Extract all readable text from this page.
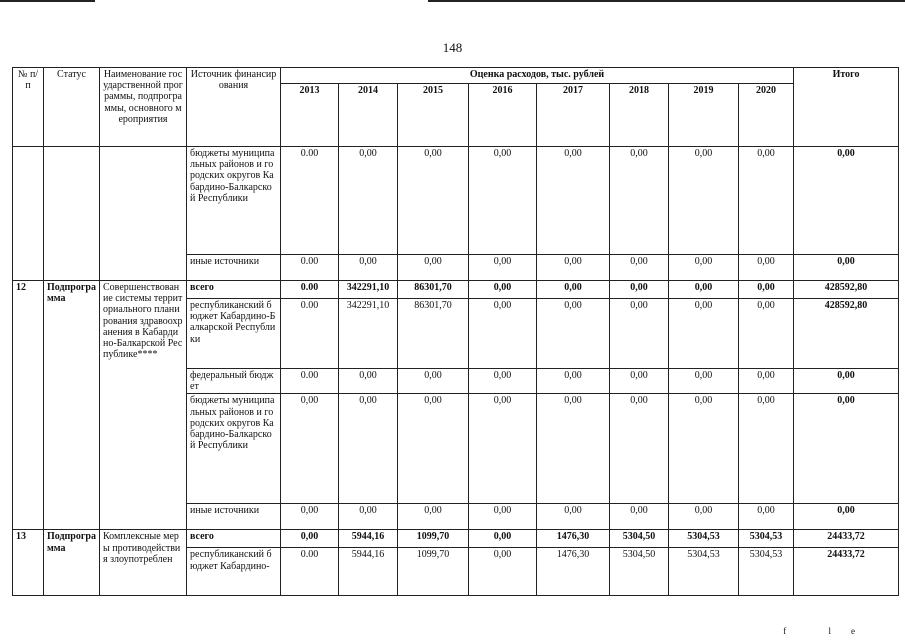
148
№ п/п	Статус	Наименование государственной программы, подпрограммы, основного мероприятия	Источник финансирования	Оценка расходов, тыс. рублей								Итого
				2013	2014	2015	2016	2017	2018	2019	2020	
			бюджеты муниципальных районов и городских округов Кабардино-Балкарской Республики	0.00	0,00	0,00	0,00	0,00	0,00	0,00	0,00	0,00
			иные источники	0.00	0,00	0,00	0,00	0,00	0,00	0,00	0,00	0,00
12	Подпрограмма	Совершенствование системы территориального планирования здравоохранения в Кабардино-Балкарской Республике****	всего	0.00	342291,10	86301,70	0,00	0,00	0,00	0,00	0,00	428592,80
			республиканский бюджет Кабардино-Балкарской Республики	0.00	342291,10	86301,70	0,00	0,00	0,00	0,00	0,00	428592,80
			федеральный бюджет	0.00	0,00	0,00	0,00	0,00	0,00	0,00	0,00	0,00
			бюджеты муниципальных районов и городских округов Кабардино-Балкарской Республики	0,00	0,00	0,00	0,00	0,00	0,00	0,00	0,00	0,00
			иные источники	0,00	0,00	0,00	0,00	0,00	0,00	0,00	0,00	0,00
13	Подпрограмма	Комплексные меры противодействия злоупотреблен	всего	0,00	5944,16	1099,70	0,00	1476,30	5304,50	5304,53	5304,53	24433,72
			республиканский бюджет Кабардино-	0.00	5944,16	1099,70	0,00	1476,30	5304,50	5304,53	5304,53	24433,72
f le
